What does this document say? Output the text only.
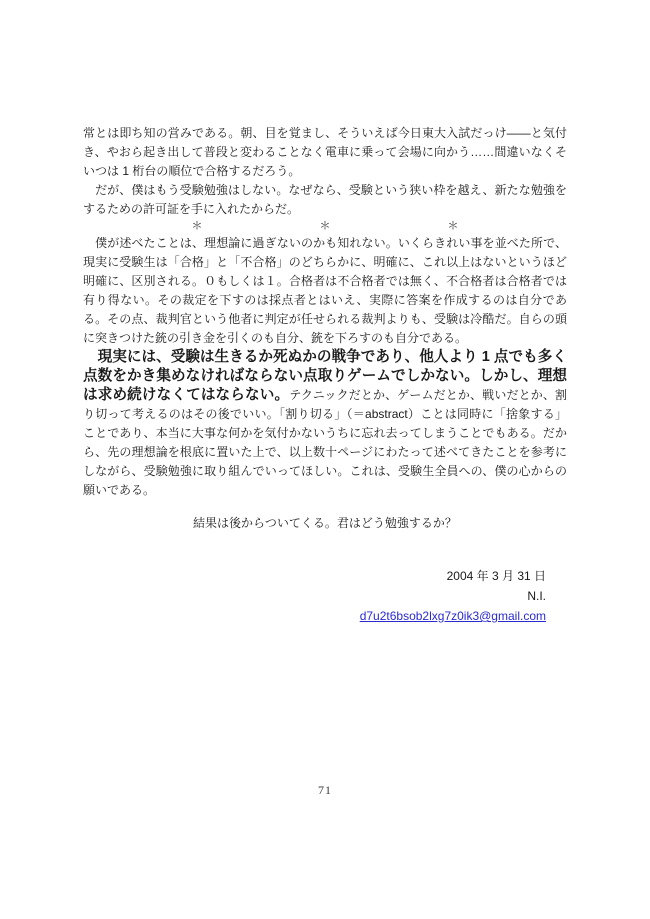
常とは即ち知の営みである。朝、目を覚まし、そういえば今日東大入試だっけ——と気付き、やおら起き出して普段と変わることなく電車に乗って会場に向かう……間違いなくそいつは 1 桁台の順位で合格するだろう。

　だが、僕はもう受験勉強はしない。なぜなら、受験という狭い枠を越え、新たな勉強をするための許可証を手に入れたからだ。

＊	＊	＊

　僕が述べたことは、理想論に過ぎないのかも知れない。いくらきれい事を並べた所で、現実に受験生は「合格」と「不合格」のどちらかに、明確に、これ以上はないというほど明確に、区別される。０もしくは１。合格者は不合格者では無く、不合格者は合格者では有り得ない。その裁定を下すのは採点者とはいえ、実際に答案を作成するのは自分である。その点、裁判官という他者に判定が任せられる裁判よりも、受験は冷酷だ。自らの頭に突きつけた銃の引き金を引くのも自分、銃を下ろすのも自分である。

　現実には、受験は生きるか死ぬかの戦争であり、他人より 1 点でも多く点数をかき集めなければならない点取りゲームでしかない。しかし、理想は求め続けなくてはならない。テクニックだとか、ゲームだとか、戦いだとか、割り切って考えるのはその後でいい。「割り切る」（＝abstract）ことは同時に「捨象する」ことであり、本当に大事な何かを気付かないうちに忘れ去ってしまうことでもある。だから、先の理想論を根底に置いた上で、以上数十ページにわたって述べてきたことを参考にしながら、受験勉強に取り組んでいってほしい。これは、受験生全員への、僕の心からの願いである。

結果は後からついてくる。君はどう勉強するか？
2004 年 3 月 31 日
N.I.
d7u2t6bsob2lxg7z0ik3@gmail.com
71
